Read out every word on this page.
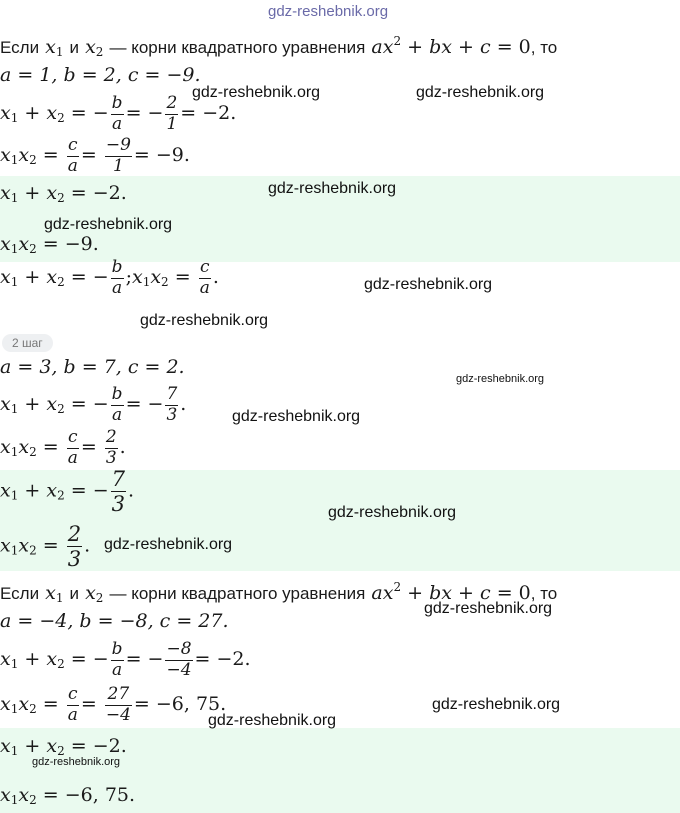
gdz-reshebnik.org
Если $x_1$ и $x_2$ — корни квадратного уравнения $ax^2$ + bx + c = 0, то
a = 1, b = 2, c = −9.
$x_1 + x_2$ = − $\frac{b}{a}$ = − $\frac{2}{1} = -2$.
$x_1x_2 = \frac{c}{a} = \frac{-9}{1} = -9$.
$x_1 + x_2 = -2$.
$x_1x_2 = -9$.
$x_1 + x_2$ = − $\frac{b}{a}$ $;x_1x_2 = \frac{c}{a}$ .
2 шаг
a = 3, b = 7, c = 2.
$x_1 + x_2$ = − $\frac{b}{a}$ = − $\frac{7}{3}$ .
$x_1x_2 = \frac{c}{a} = \frac{2}{3}$ .
$x_1 + x_2$ = − $\frac{7}{3}$ .
$x_1x_2 = \frac{2}{3}$ .
Если $x_1$ и $x_2$ — корни квадратного уравнения $ax^2$ + bx + c = 0, то
a = −4, b = −8, c = 27.
$x_1 + x_2$ = − $\frac{b}{a}$ = − $\frac{-8}{-4} = -2$.
$x_1x_2 = \frac{c}{a} = \frac{27}{-4} = -6$, 75.
$x_1 + x_2 = -2$.
$x_1x_2 = -6$, 75.
gdz-reshebnik.org	gdz-reshebnik.org
gdz-reshebnik.org
gdz-reshebnik.org
gdz-reshebnik.org
gdz-reshebnik.org
gdz-reshebnik.org
gdz-reshebnik.org
gdz-reshebnik.org
gdz-reshebnik.org
gdz-reshebnik.org
gdz-reshebnik.org
gdz-reshebnik.org
gdz-reshebnik.org
